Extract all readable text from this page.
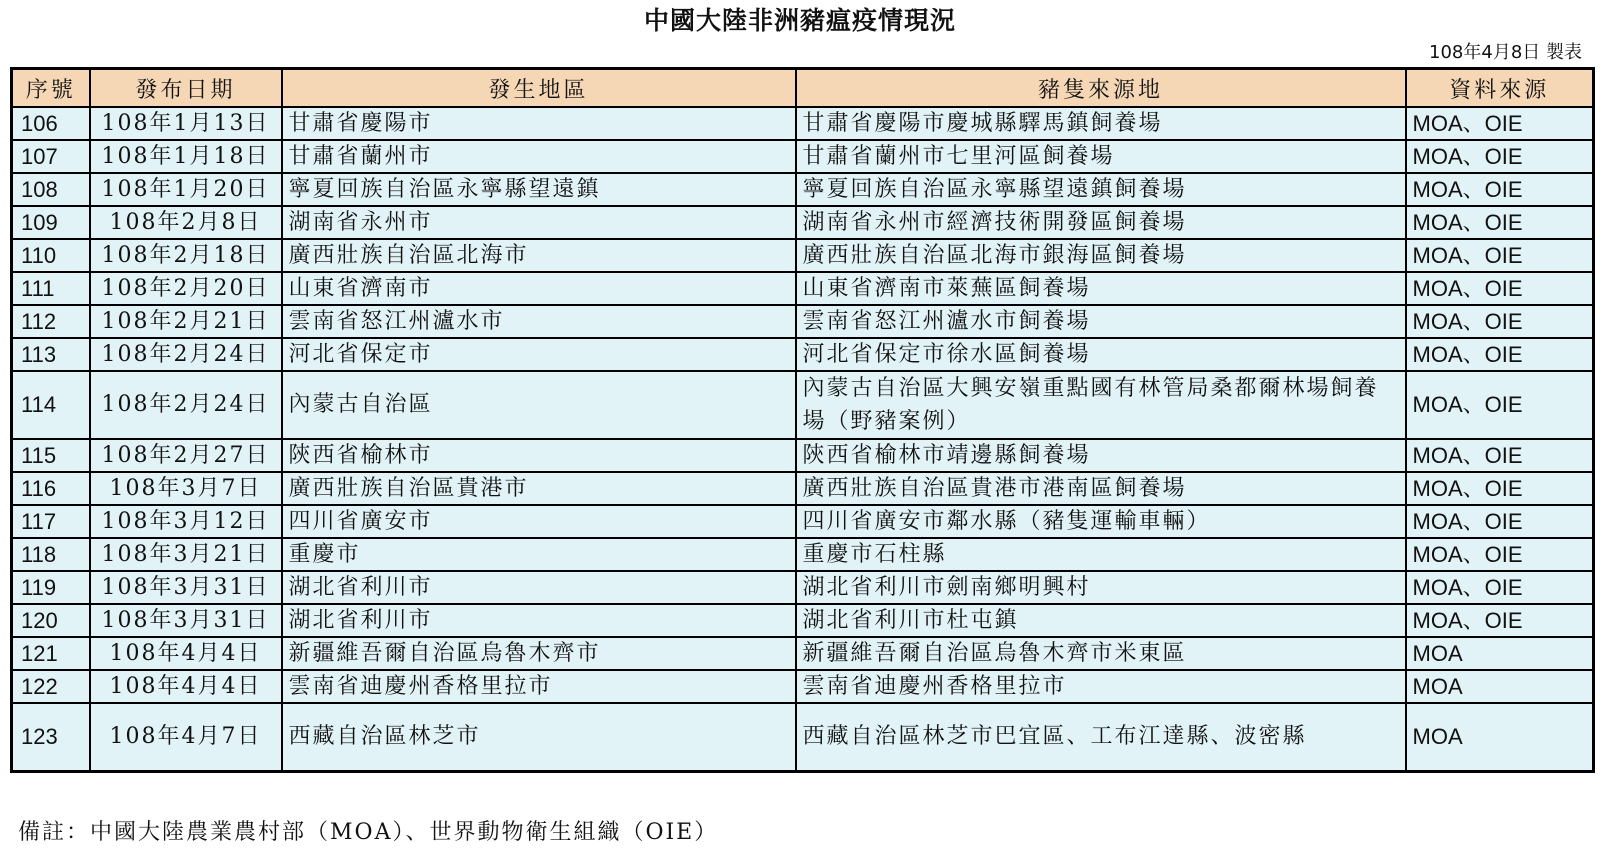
中國大陸非洲豬瘟疫情現況
108年4月8日 製表
序號	發布日期	發生地區	豬隻來源地	資料來源
106	108年1月13日	甘肅省慶陽市	甘肅省慶陽市慶城縣驛馬鎮飼養場	MOA、OIE
107	108年1月18日	甘肅省蘭州市	甘肅省蘭州市七里河區飼養場	MOA、OIE
108	108年1月20日	寧夏回族自治區永寧縣望遠鎮	寧夏回族自治區永寧縣望遠鎮飼養場	MOA、OIE
109	108年2月8日	湖南省永州市	湖南省永州市經濟技術開發區飼養場	MOA、OIE
110	108年2月18日	廣西壯族自治區北海市	廣西壯族自治區北海市銀海區飼養場	MOA、OIE
111	108年2月20日	山東省濟南市	山東省濟南市萊蕪區飼養場	MOA、OIE
112	108年2月21日	雲南省怒江州瀘水市	雲南省怒江州瀘水市飼養場	MOA、OIE
113	108年2月24日	河北省保定市	河北省保定市徐水區飼養場	MOA、OIE
114	108年2月24日	內蒙古自治區	內蒙古自治區大興安嶺重點國有林管局桑都爾林場飼養場（野豬案例）	MOA、OIE
115	108年2月27日	陝西省榆林市	陝西省榆林市靖邊縣飼養場	MOA、OIE
116	108年3月7日	廣西壯族自治區貴港市	廣西壯族自治區貴港市港南區飼養場	MOA、OIE
117	108年3月12日	四川省廣安市	四川省廣安市鄰水縣（豬隻運輸車輛）	MOA、OIE
118	108年3月21日	重慶市	重慶市石柱縣	MOA、OIE
119	108年3月31日	湖北省利川市	湖北省利川市劍南鄉明興村	MOA、OIE
120	108年3月31日	湖北省利川市	湖北省利川市杜屯鎮	MOA、OIE
121	108年4月4日	新疆維吾爾自治區烏魯木齊市	新疆維吾爾自治區烏魯木齊市米東區	MOA
122	108年4月4日	雲南省迪慶州香格里拉市	雲南省迪慶州香格里拉市	MOA
123	108年4月7日	西藏自治區林芝市	西藏自治區林芝市巴宜區、工布江達縣、波密縣	MOA
備註：中國大陸農業農村部（MOA）、世界動物衛生組織（OIE）
